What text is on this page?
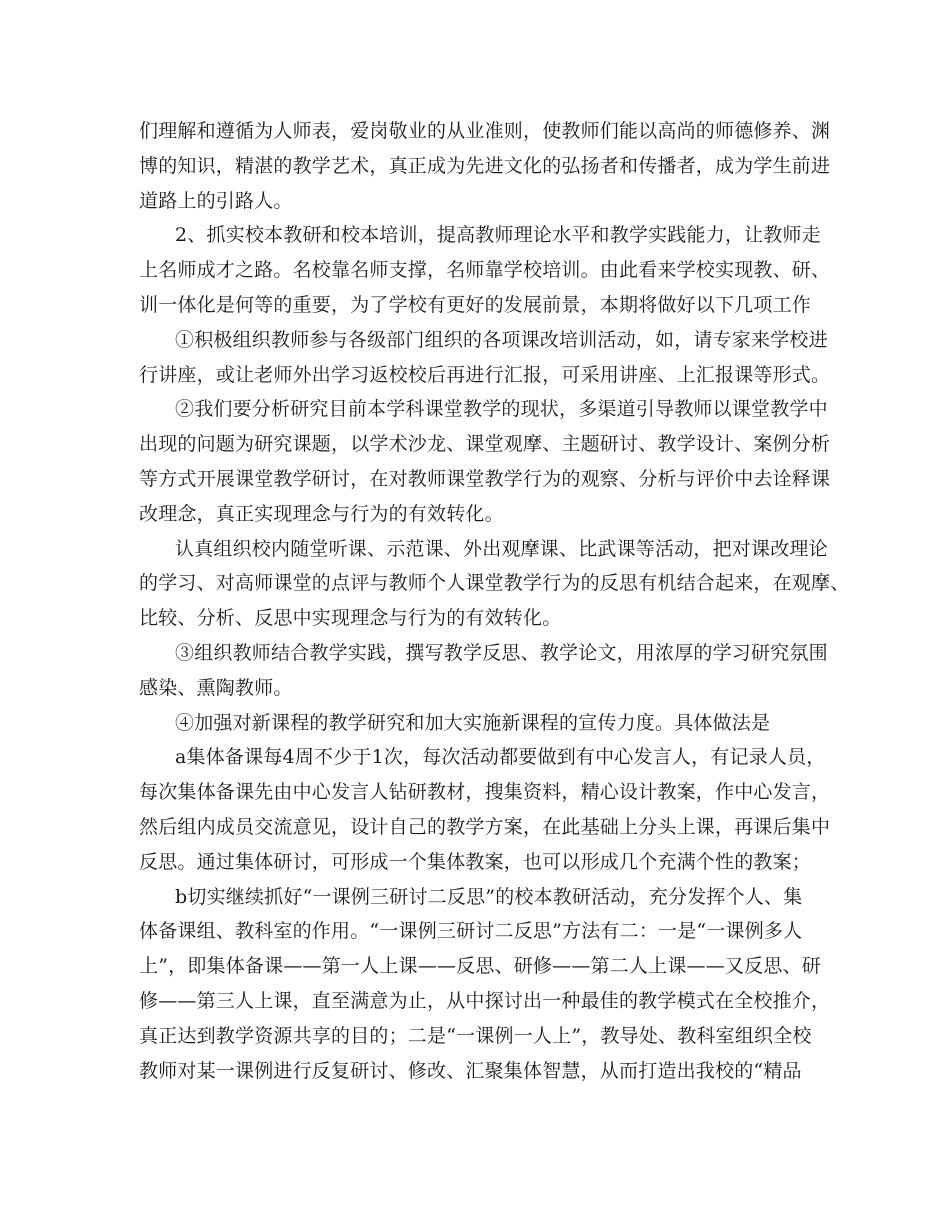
们理解和遵循为人师表，爱岗敬业的从业准则，使教师们能以高尚的师德修养、渊
博的知识，精湛的教学艺术，真正成为先进文化的弘扬者和传播者，成为学生前进
道路上的引路人。
2、抓实校本教研和校本培训，提高教师理论水平和教学实践能力，让教师走
上名师成才之路。名校靠名师支撑，名师靠学校培训。由此看来学校实现教、研、
训一体化是何等的重要，为了学校有更好的发展前景，本期将做好以下几项工作
①积极组织教师参与各级部门组织的各项课改培训活动，如，请专家来学校进
行讲座，或让老师外出学习返校校后再进行汇报，可采用讲座、上汇报课等形式。
②我们要分析研究目前本学科课堂教学的现状，多渠道引导教师以课堂教学中
出现的问题为研究课题，以学术沙龙、课堂观摩、主题研讨、教学设计、案例分析
等方式开展课堂教学研讨，在对教师课堂教学行为的观察、分析与评价中去诠释课
改理念，真正实现理念与行为的有效转化。
认真组织校内随堂听课、示范课、外出观摩课、比武课等活动，把对课改理论
的学习、对高师课堂的点评与教师个人课堂教学行为的反思有机结合起来，在观摩、
比较、分析、反思中实现理念与行为的有效转化。
③组织教师结合教学实践，撰写教学反思、教学论文，用浓厚的学习研究氛围
感染、熏陶教师。
④加强对新课程的教学研究和加大实施新课程的宣传力度。具体做法是
a集体备课每4周不少于1次，每次活动都要做到有中心发言人，有记录人员，
每次集体备课先由中心发言人钻研教材，搜集资料，精心设计教案，作中心发言，
然后组内成员交流意见，设计自己的教学方案，在此基础上分头上课，再课后集中
反思。通过集体研讨，可形成一个集体教案，也可以形成几个充满个性的教案；
b切实继续抓好“一课例三研讨二反思”的校本教研活动，充分发挥个人、集
体备课组、教科室的作用。“一课例三研讨二反思”方法有二：一是“一课例多人
上”，即集体备课——第一人上课——反思、研修——第二人上课——又反思、研
修——第三人上课，直至满意为止，从中探讨出一种最佳的教学模式在全校推介，
真正达到教学资源共享的目的；二是“一课例一人上”，教导处、教科室组织全校
教师对某一课例进行反复研讨、修改、汇聚集体智慧，从而打造出我校的“精品
